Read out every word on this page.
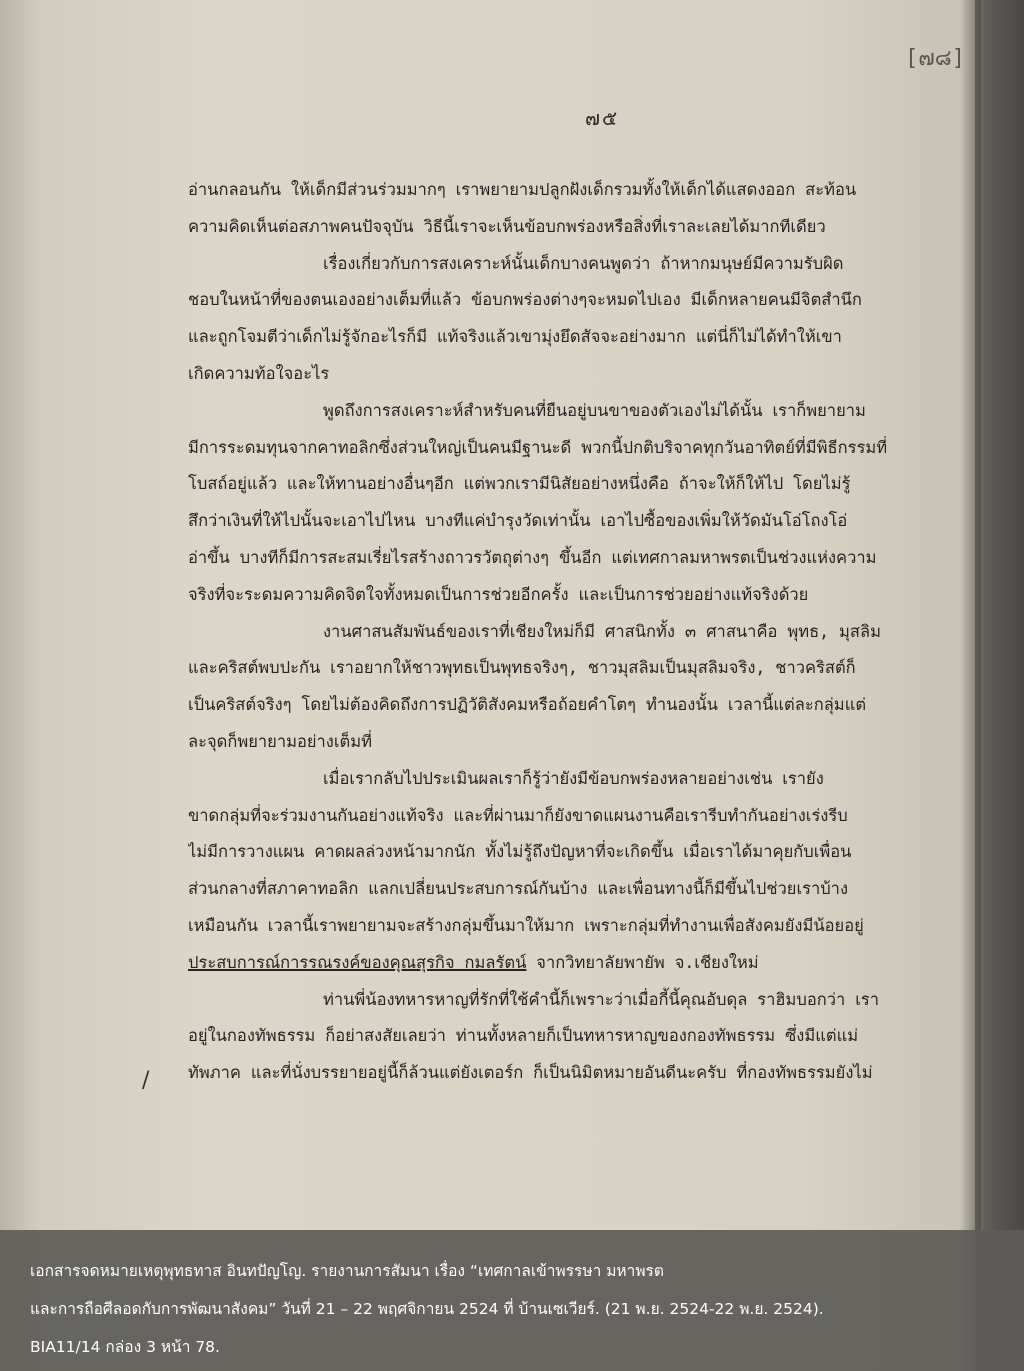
[๗๘]
๗๕
อ่านกลอนกัน ให้เด็กมีส่วนร่วมมากๆ เราพยายามปลูกฝังเด็กรวมทั้งให้เด็กได้แสดงออก สะท้อน
ความคิดเห็นต่อสภาพคนปัจจุบัน วิธีนี้เราจะเห็นข้อบกพร่องหรือสิ่งที่เราละเลยได้มากทีเดียว
เรื่องเกี่ยวกับการสงเคราะห์นั้นเด็กบางคนพูดว่า ถ้าหากมนุษย์มีความรับผิด
ชอบในหน้าที่ของตนเองอย่างเต็มที่แล้ว ข้อบกพร่องต่างๆจะหมดไปเอง มีเด็กหลายคนมีจิตสำนึก
และถูกโจมตีว่าเด็กไม่รู้จักอะไรก็มี แท้จริงแล้วเขามุ่งยึดสัจจะอย่างมาก แต่นี่ก็ไม่ได้ทำให้เขา
เกิดความท้อใจอะไร
พูดถึงการสงเคราะห์สำหรับคนที่ยืนอยู่บนขาของตัวเองไม่ได้นั้น เราก็พยายาม
มีการระดมทุนจากคาทอลิกซึ่งส่วนใหญ่เป็นคนมีฐานะดี พวกนี้ปกติบริจาคทุกวันอาทิตย์ที่มีพิธีกรรมที่
โบสถ์อยู่แล้ว และให้ทานอย่างอื่นๆอีก แต่พวกเรามีนิสัยอย่างหนึ่งคือ ถ้าจะให้ก็ให้ไป โดยไม่รู้
สึกว่าเงินที่ให้ไปนั้นจะเอาไปไหน บางทีแค่บำรุงวัดเท่านั้น เอาไปซื้อของเพิ่มให้วัดมันโอ่โถงโอ่
อ่าขึ้น บางทีก็มีการสะสมเรี่ยไรสร้างถาวรวัตถุต่างๆ ขึ้นอีก แต่เทศกาลมหาพรตเป็นช่วงแห่งความ
จริงที่จะระดมความคิดจิตใจทั้งหมดเป็นการช่วยอีกครั้ง และเป็นการช่วยอย่างแท้จริงด้วย
งานศาสนสัมพันธ์ของเราที่เชียงใหม่ก็มี ศาสนิกทั้ง ๓ ศาสนาคือ พุทธ, มุสลิม
และคริสต์พบปะกัน เราอยากให้ชาวพุทธเป็นพุทธจริงๆ, ชาวมุสลิมเป็นมุสลิมจริง, ชาวคริสต์ก็
เป็นคริสต์จริงๆ โดยไม่ต้องคิดถึงการปฏิวัติสังคมหรือถ้อยคำโตๆ ทำนองนั้น เวลานี้แต่ละกลุ่มแต่
ละจุดก็พยายามอย่างเต็มที่
เมื่อเรากลับไปประเมินผลเราก็รู้ว่ายังมีข้อบกพร่องหลายอย่างเช่น เรายัง
ขาดกลุ่มที่จะร่วมงานกันอย่างแท้จริง และที่ผ่านมาก็ยังขาดแผนงานคือเรารีบทำกันอย่างเร่งรีบ
ไม่มีการวางแผน คาดผลล่วงหน้ามากนัก ทั้งไม่รู้ถึงปัญหาที่จะเกิดขึ้น เมื่อเราได้มาคุยกับเพื่อน
ส่วนกลางที่สภาคาทอลิก แลกเปลี่ยนประสบการณ์กันบ้าง และเพื่อนทางนี้ก็มีขึ้นไปช่วยเราบ้าง
เหมือนกัน เวลานี้เราพยายามจะสร้างกลุ่มขึ้นมาให้มาก เพราะกลุ่มที่ทำงานเพื่อสังคมยังมีน้อยอยู่
ประสบการณ์การรณรงค์ของคุณสุรกิจ กมลรัตน์ จากวิทยาลัยพายัพ จ.เชียงใหม่
ท่านพี่น้องทหารหาญที่รักที่ใช้คำนี้ก็เพราะว่าเมื่อกี้นี้คุณอับดุล ราฮิมบอกว่า เรา
อยู่ในกองทัพธรรม ก็อย่าสงสัยเลยว่า ท่านทั้งหลายก็เป็นทหารหาญของกองทัพธรรม ซึ่งมีแต่แม่
ทัพภาค และที่นั่งบรรยายอยู่นี้ก็ล้วนแต่ยังเตอร์ก ก็เป็นนิมิตหมายอันดีนะครับ ที่กองทัพธรรมยังไม่
/
เอกสารจดหมายเหตุพุทธทาส อินทปัญโญ. รายงานการสัมนา เรื่อง “เทศกาลเข้าพรรษา มหาพรต
และการถือศีลอดกับการพัฒนาสังคม” วันที่ 21 – 22 พฤศจิกายน 2524 ที่ บ้านเซเวียร์. (21 พ.ย. 2524-22 พ.ย. 2524).
BIA11/14 กล่อง 3 หน้า 78.
